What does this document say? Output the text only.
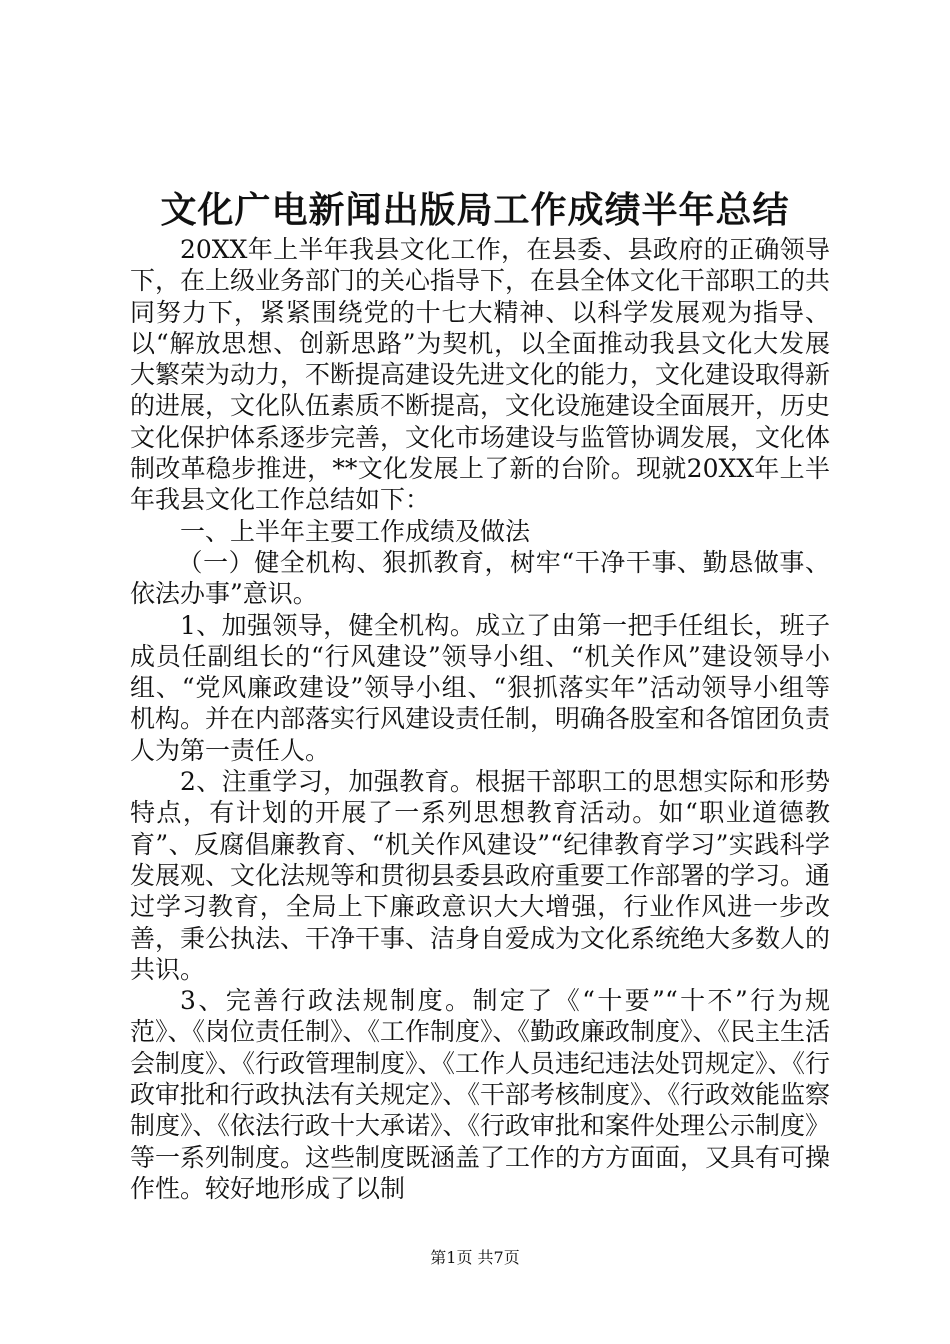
文化广电新闻出版局工作成绩半年总结

20XX年上半年我县文化工作，在县委、县政府的正确领导下，在上级业务部门的关心指导下，在县全体文化干部职工的共同努力下，紧紧围绕党的十七大精神、以科学发展观为指导、以“解放思想、创新思路”为契机，以全面推动我县文化大发展大繁荣为动力，不断提高建设先进文化的能力，文化建设取得新的进展，文化队伍素质不断提高，文化设施建设全面展开，历史文化保护体系逐步完善，文化市场建设与监管协调发展，文化体制改革稳步推进，**文化发展上了新的台阶。现就20XX年上半年我县文化工作总结如下：

一、上半年主要工作成绩及做法

（一）健全机构、狠抓教育，树牢“干净干事、勤恳做事、依法办事”意识。

1、加强领导，健全机构。成立了由第一把手任组长，班子成员任副组长的“行风建设”领导小组、“机关作风”建设领导小组、“党风廉政建设”领导小组、“狠抓落实年”活动领导小组等机构。并在内部落实行风建设责任制，明确各股室和各馆团负责人为第一责任人。

2、注重学习，加强教育。根据干部职工的思想实际和形势特点，有计划的开展了一系列思想教育活动。如“职业道德教育”、反腐倡廉教育、“机关作风建设”“纪律教育学习”实践科学发展观、文化法规等和贯彻县委县政府重要工作部署的学习。通过学习教育，全局上下廉政意识大大增强，行业作风进一步改善，秉公执法、干净干事、洁身自爱成为文化系统绝大多数人的共识。

3、完善行政法规制度。制定了《“十要”“十不”行为规范》、《岗位责任制》、《工作制度》、《勤政廉政制度》、《民主生活会制度》、《行政管理制度》、《工作人员违纪违法处罚规定》、《行政审批和行政执法有关规定》、《干部考核制度》、《行政效能监察制度》、《依法行政十大承诺》、《行政审批和案件处理公示制度》等一系列制度。这些制度既涵盖了工作的方方面面，又具有可操作性。较好地形成了以制

第1页 共7页
